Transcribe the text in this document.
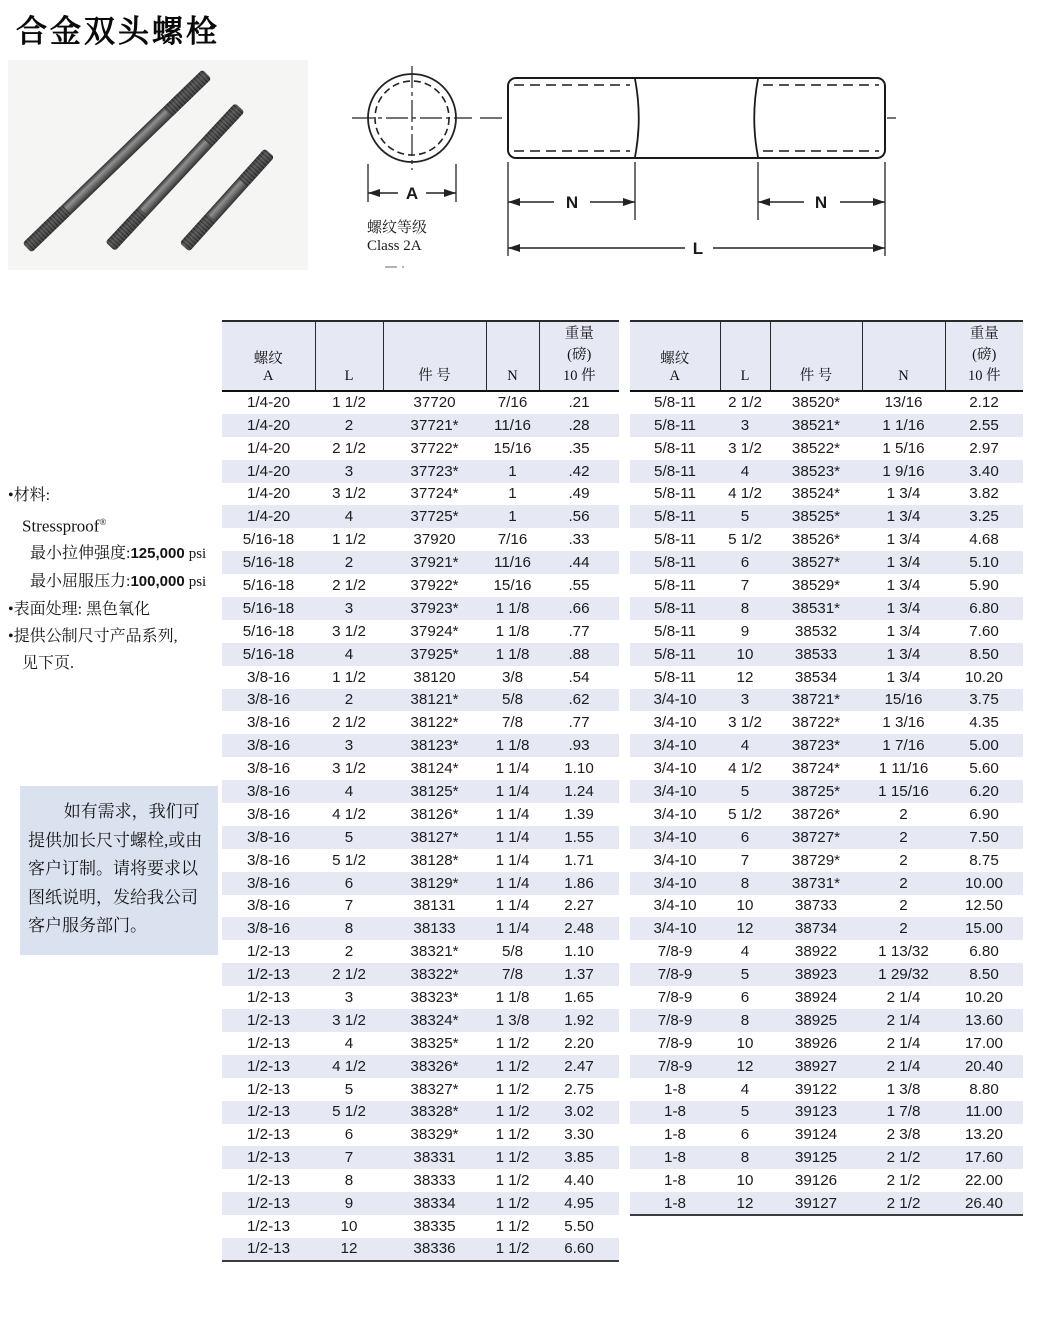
合金双头螺栓
A
螺纹等级
Class 2A
N	N
L
•材料:
Stressproof®
最小拉伸强度:125,000 psi
最小屈服压力:100,000 psi
•表面处理: 黑色氧化
•提供公制尺寸产品系列,
见下页.

如有需求，我们可提供加长尺寸螺栓,或由客户订制。请将要求以图纸说明，发给我公司客户服务部门。

螺纹
A	L	件 号	N	
重量
(磅)
10 件

1/4-20	1 1/2	37720	7/16	.21
1/4-20	2	37721*	11/16	.28
1/4-20	2 1/2	37722*	15/16	.35
1/4-20	3	37723*	1	.42
1/4-20	3 1/2	37724*	1	.49
1/4-20	4	37725*	1	.56
5/16-18	1 1/2	37920	7/16	.33
5/16-18	2	37921*	11/16	.44
5/16-18	2 1/2	37922*	15/16	.55
5/16-18	3	37923*	1 1/8	.66
5/16-18	3 1/2	37924*	1 1/8	.77
5/16-18	4	37925*	1 1/8	.88
3/8-16	1 1/2	38120	3/8	.54
3/8-16	2	38121*	5/8	.62
3/8-16	2 1/2	38122*	7/8	.77
3/8-16	3	38123*	1 1/8	.93
3/8-16	3 1/2	38124*	1 1/4	1.10
3/8-16	4	38125*	1 1/4	1.24
3/8-16	4 1/2	38126*	1 1/4	1.39
3/8-16	5	38127*	1 1/4	1.55
3/8-16	5 1/2	38128*	1 1/4	1.71
3/8-16	6	38129*	1 1/4	1.86
3/8-16	7	38131	1 1/4	2.27
3/8-16	8	38133	1 1/4	2.48
1/2-13	2	38321*	5/8	1.10
1/2-13	2 1/2	38322*	7/8	1.37
1/2-13	3	38323*	1 1/8	1.65
1/2-13	3 1/2	38324*	1 3/8	1.92
1/2-13	4	38325*	1 1/2	2.20
1/2-13	4 1/2	38326*	1 1/2	2.47
1/2-13	5	38327*	1 1/2	2.75
1/2-13	5 1/2	38328*	1 1/2	3.02
1/2-13	6	38329*	1 1/2	3.30
1/2-13	7	38331	1 1/2	3.85
1/2-13	8	38333	1 1/2	4.40
1/2-13	9	38334	1 1/2	4.95
1/2-13	10	38335	1 1/2	5.50
1/2-13	12	38336	1 1/2	6.60
螺纹
A	L	件 号	N	
重量
(磅)
10 件

5/8-11	2 1/2	38520*	13/16	2.12
5/8-11	3	38521*	1 1/16	2.55
5/8-11	3 1/2	38522*	1 5/16	2.97
5/8-11	4	38523*	1 9/16	3.40
5/8-11	4 1/2	38524*	1 3/4	3.82
5/8-11	5	38525*	1 3/4	3.25
5/8-11	5 1/2	38526*	1 3/4	4.68
5/8-11	6	38527*	1 3/4	5.10
5/8-11	7	38529*	1 3/4	5.90
5/8-11	8	38531*	1 3/4	6.80
5/8-11	9	38532	1 3/4	7.60
5/8-11	10	38533	1 3/4	8.50
5/8-11	12	38534	1 3/4	10.20
3/4-10	3	38721*	15/16	3.75
3/4-10	3 1/2	38722*	1 3/16	4.35
3/4-10	4	38723*	1 7/16	5.00
3/4-10	4 1/2	38724*	1 11/16	5.60
3/4-10	5	38725*	1 15/16	6.20
3/4-10	5 1/2	38726*	2	6.90
3/4-10	6	38727*	2	7.50
3/4-10	7	38729*	2	8.75
3/4-10	8	38731*	2	10.00
3/4-10	10	38733	2	12.50
3/4-10	12	38734	2	15.00
7/8-9	4	38922	1 13/32	6.80
7/8-9	5	38923	1 29/32	8.50
7/8-9	6	38924	2 1/4	10.20
7/8-9	8	38925	2 1/4	13.60
7/8-9	10	38926	2 1/4	17.00
7/8-9	12	38927	2 1/4	20.40
1-8	4	39122	1 3/8	8.80
1-8	5	39123	1 7/8	11.00
1-8	6	39124	2 3/8	13.20
1-8	8	39125	2 1/2	17.60
1-8	10	39126	2 1/2	22.00
1-8	12	39127	2 1/2	26.40
